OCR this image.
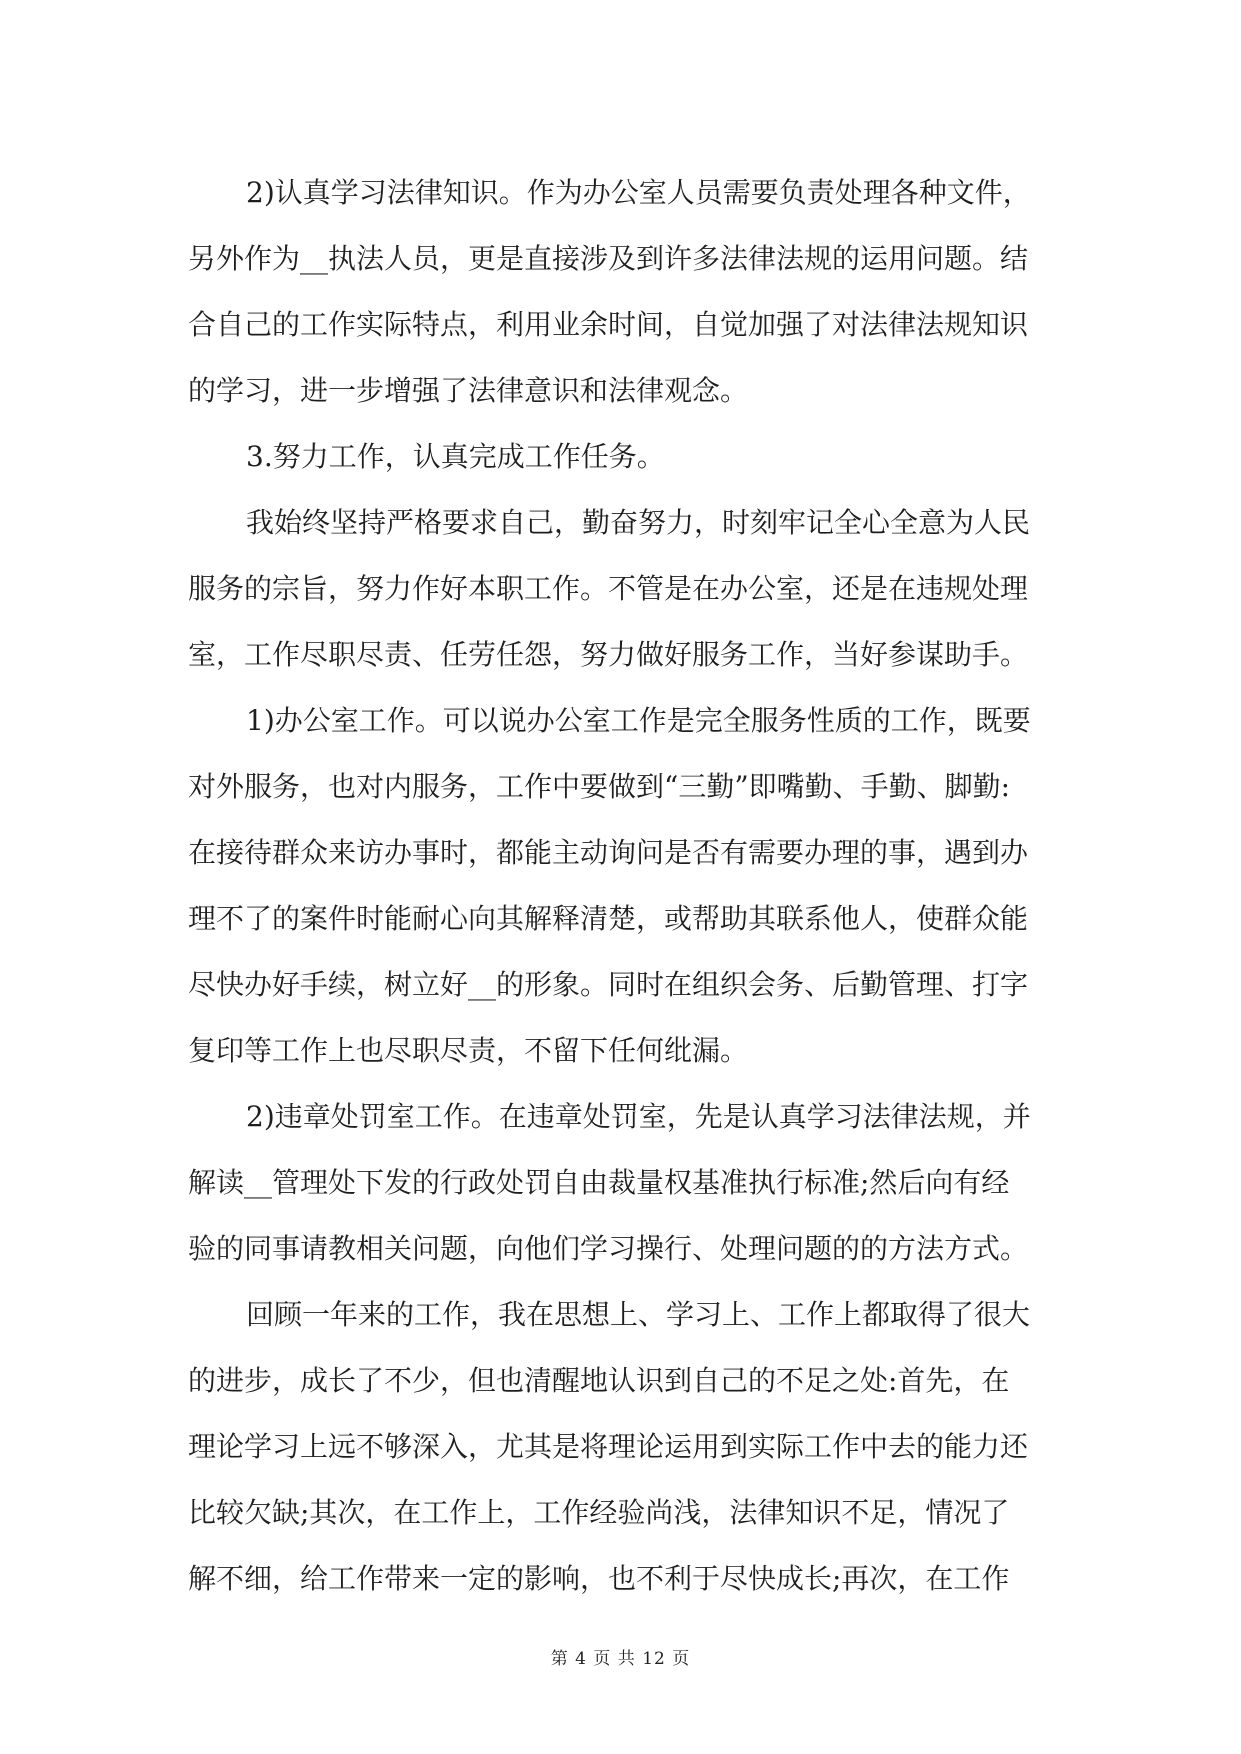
2)认真学习法律知识。作为办公室人员需要负责处理各种文件，
另外作为__执法人员，更是直接涉及到许多法律法规的运用问题。结
合自己的工作实际特点，利用业余时间，自觉加强了对法律法规知识
的学习，进一步增强了法律意识和法律观念。
3.努力工作，认真完成工作任务。
我始终坚持严格要求自己，勤奋努力，时刻牢记全心全意为人民
服务的宗旨，努力作好本职工作。不管是在办公室，还是在违规处理
室，工作尽职尽责、任劳任怨，努力做好服务工作，当好参谋助手。
1)办公室工作。可以说办公室工作是完全服务性质的工作，既要
对外服务，也对内服务，工作中要做到“三勤”即嘴勤、手勤、脚勤:
在接待群众来访办事时，都能主动询问是否有需要办理的事，遇到办
理不了的案件时能耐心向其解释清楚，或帮助其联系他人，使群众能
尽快办好手续，树立好__的形象。同时在组织会务、后勤管理、打字
复印等工作上也尽职尽责，不留下任何纰漏。
2)违章处罚室工作。在违章处罚室，先是认真学习法律法规，并
解读__管理处下发的行政处罚自由裁量权基准执行标准;然后向有经
验的同事请教相关问题，向他们学习操行、处理问题的的方法方式。
回顾一年来的工作，我在思想上、学习上、工作上都取得了很大
的进步，成长了不少，但也清醒地认识到自己的不足之处:首先，在
理论学习上远不够深入，尤其是将理论运用到实际工作中去的能力还
比较欠缺;其次，在工作上，工作经验尚浅，法律知识不足，情况了
解不细，给工作带来一定的影响，也不利于尽快成长;再次，在工作
第 4 页 共 12 页
